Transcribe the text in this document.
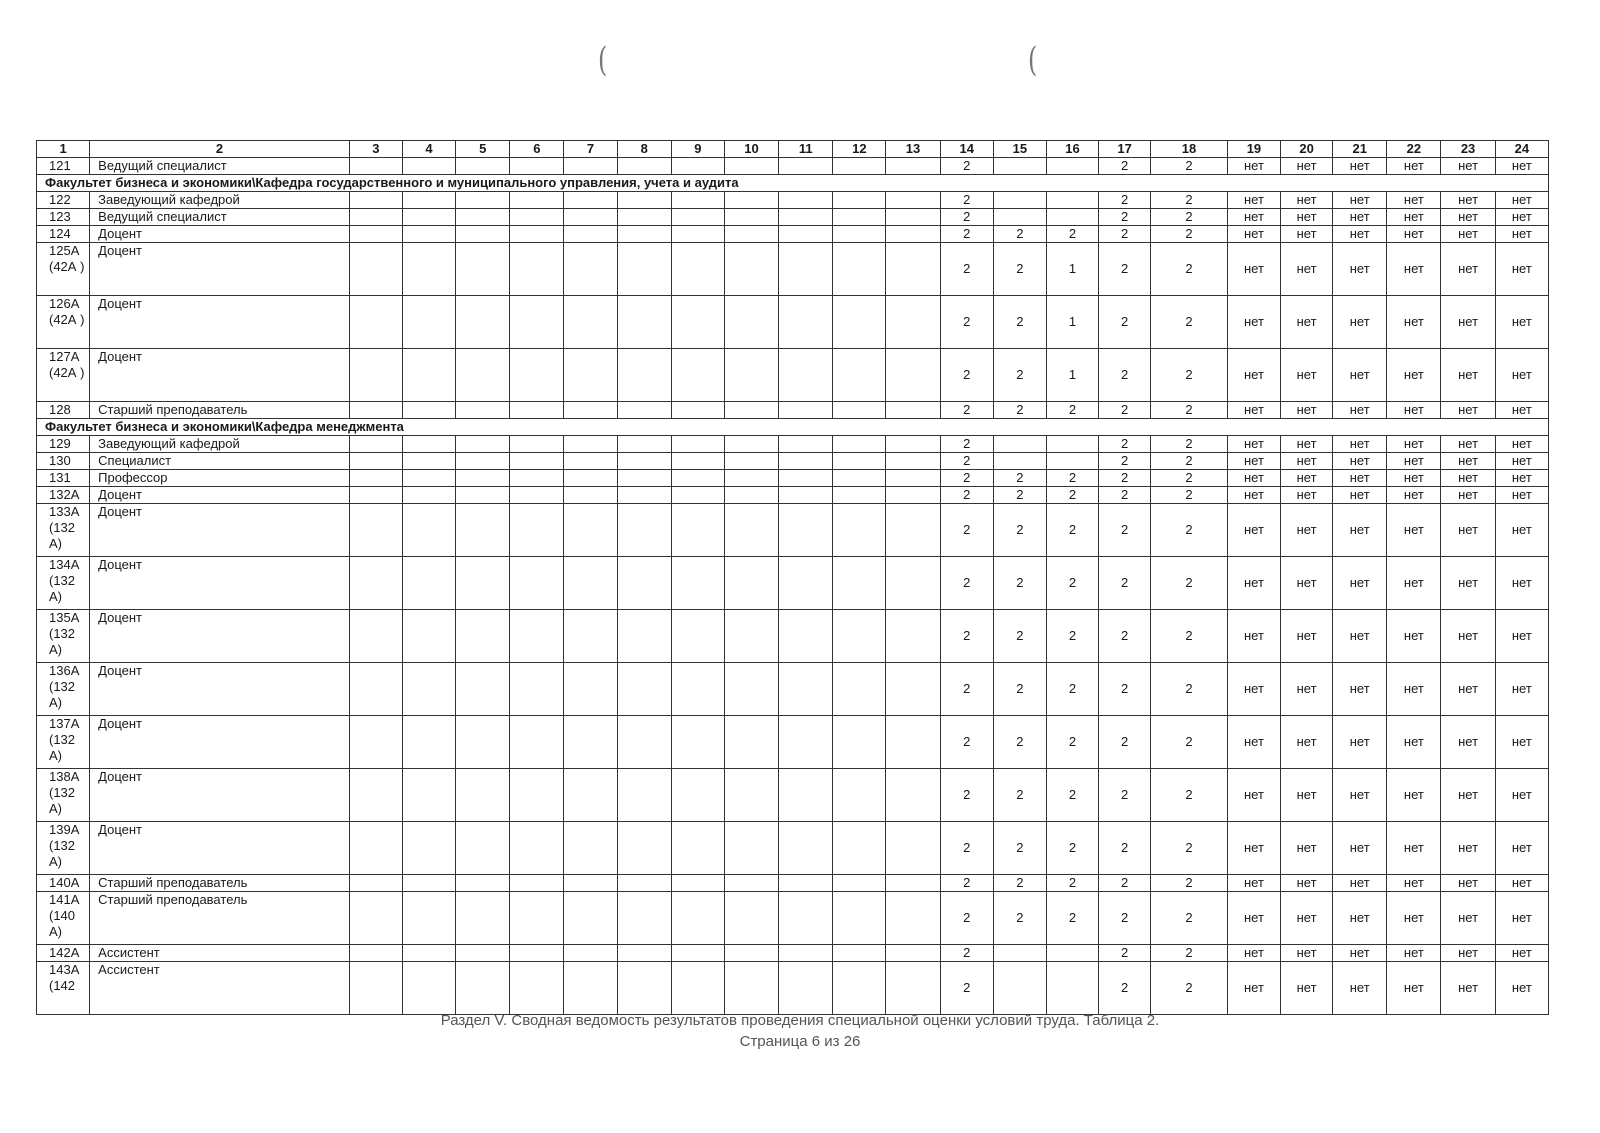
(	(
1	2	3	4	5	6	7	8	9	10	11	12	13	14	15	16	17	18	19	20	21	22	23	24
121	Ведущий специалист												2			2	2	нет	нет	нет	нет	нет	нет
Факультет бизнеса и экономики\Кафедра государственного и муниципального управления, учета и аудита																							
122	Заведующий кафедрой												2			2	2	нет	нет	нет	нет	нет	нет
123	Ведущий специалист												2			2	2	нет	нет	нет	нет	нет	нет
124	Доцент												2	2	2	2	2	нет	нет	нет	нет	нет	нет
125А (42А )	Доцент												2	2	1	2	2	нет	нет	нет	нет	нет	нет
126А (42А )	Доцент												2	2	1	2	2	нет	нет	нет	нет	нет	нет
127А (42А )	Доцент												2	2	1	2	2	нет	нет	нет	нет	нет	нет
128	Старший преподаватель												2	2	2	2	2	нет	нет	нет	нет	нет	нет
Факультет бизнеса и экономики\Кафедра менеджмента																							
129	Заведующий кафедрой												2			2	2	нет	нет	нет	нет	нет	нет
130	Специалист												2			2	2	нет	нет	нет	нет	нет	нет
131	Профессор												2	2	2	2	2	нет	нет	нет	нет	нет	нет
132А	Доцент												2	2	2	2	2	нет	нет	нет	нет	нет	нет
133А (132 А)	Доцент												2	2	2	2	2	нет	нет	нет	нет	нет	нет
134А (132 А)	Доцент												2	2	2	2	2	нет	нет	нет	нет	нет	нет
135А (132 А)	Доцент												2	2	2	2	2	нет	нет	нет	нет	нет	нет
136А (132 А)	Доцент												2	2	2	2	2	нет	нет	нет	нет	нет	нет
137А (132 А)	Доцент												2	2	2	2	2	нет	нет	нет	нет	нет	нет
138А (132 А)	Доцент												2	2	2	2	2	нет	нет	нет	нет	нет	нет
139А (132 А)	Доцент												2	2	2	2	2	нет	нет	нет	нет	нет	нет
140А	Старший преподаватель												2	2	2	2	2	нет	нет	нет	нет	нет	нет
141А (140 А)	Старший преподаватель												2	2	2	2	2	нет	нет	нет	нет	нет	нет
142А	Ассистент												2			2	2	нет	нет	нет	нет	нет	нет
143А (142	Ассистент												2			2	2	нет	нет	нет	нет	нет	нет
Раздел V. Сводная ведомость результатов проведения специальной оценки условий труда. Таблица 2.
Страница 6 из 26
